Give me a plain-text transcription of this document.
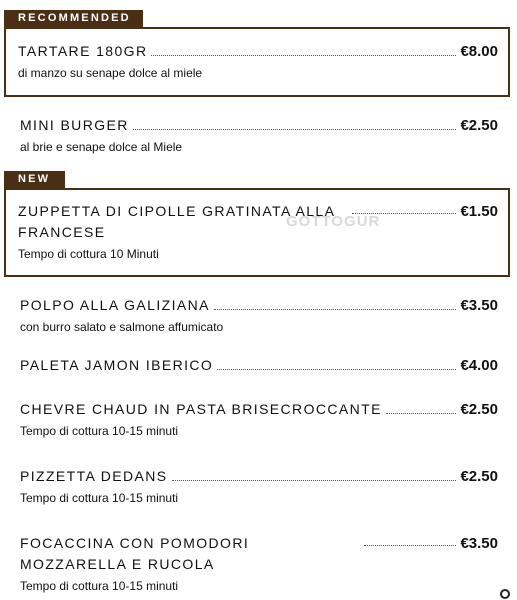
RECOMMENDED
TARTARE 180GR	€8.00
di manzo su senape dolce al miele
MINI BURGER	€2.50
al brie e senape dolce al Miele
NEW
GOTTOGUR
ZUPPETTA DI CIPOLLE GRATINATA ALLA FRANCESE
€1.50
Tempo di cottura 10 Minuti
POLPO ALLA GALIZIANA	€3.50
con burro salato e salmone affumicato
PALETA JAMON IBERICO	€4.00
CHEVRE CHAUD IN PASTA BRISECROCCANTE	€2.50
Tempo di cottura 10-15 minuti
PIZZETTA DEDANS	€2.50
Tempo di cottura 10-15 minuti
FOCACCINA CON POMODORI MOZZARELLA E RUCOLA
€3.50
Tempo di cottura 10-15 minuti
